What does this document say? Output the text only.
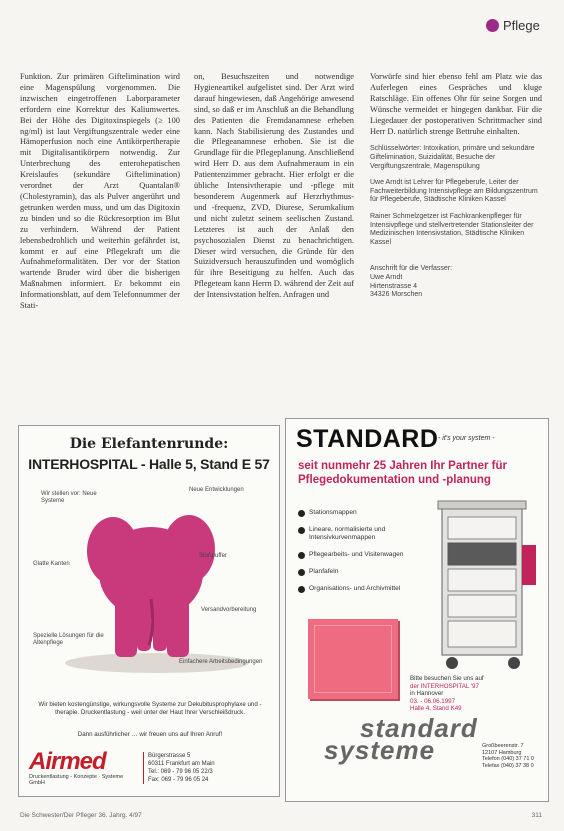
Pflege

Funktion. Zur primären Giftelimination wird eine Magenspülung vorgenommen. Die inzwischen eingetroffenen Laborparameter erfordern eine Korrektur des Kaliumwertes. Bei der Höhe des Digitoxinspiegels (≥ 100 ng/ml) ist laut Vergiftungszentrale weder eine Hämoperfusion noch eine Antikörpertherapie mit Digitalisantikörpern notwendig. Zur Unterbrechung des enterohepatischen Kreislaufes (sekundäre Giftelimination) verordnet der Arzt Quantalan® (Cholestyramin), das als Pulver angerührt und getrunken werden muss, und um das Digitoxin zu binden und so die Rückresorption im Blut zu verhindern. Während der Patient lebensbedrohlich und weiterhin gefährdet ist, kommt er auf eine Pflegekraft um die Aufnahmeformalitäten. Der vor der Station wartende Bruder wird über die bisherigen Maßnahmen informiert. Er bekommt ein Informationsblatt, auf dem Telefonnummer der Stati-

on, Besuchszeiten und notwendige Hygieneartikel aufgelistet sind. Der Arzt wird darauf hingewiesen, daß Angehörige anwesend sind, so daß er im Anschluß an die Behandlung des Patienten die Fremdanamnese erheben kann. Nach Stabilisierung des Zustandes und die Pflegeanamnese erhoben. Sie ist die Grundlage für die Pflegeplanung. Anschließend wird Herr D. aus dem Aufnahmeraum in ein Patientenzimmer gebracht. Hier erfolgt er die übliche Intensivtherapie und -pflege mit besonderem Augenmerk auf Herzrhythmus- und -frequenz, ZVD, Diurese, Serumkalium und nicht zuletzt seinem seelischen Zustand. Letzteres ist auch der Anlaß den psychosozialen Dienst zu benachrichtigen. Dieser wird versuchen, die Gründe für den Suizidversuch herauszufinden und womöglich für ihre Beseitigung zu helfen. Auch das Pflegeteam kann Herrn D. während der Zeit auf der Intensivstation helfen. Anfragen und

Vorwürfe sind hier ebenso fehl am Platz wie das Auferlegen eines Gespräches und kluge Ratschläge. Ein offenes Ohr für seine Sorgen und Wünsche vermeidet er hingegen dankbar. Für die Liegedauer der postoperativen Schrittmacher sind Herr D. natürlich strenge Bettruhe einhalten.

Schlüsselwörter: Intoxikation, primäre und sekundäre Giftelimination, Suizidalität, Besuche der Vergiftungszentrale, Magenspülung

Uwe Arndt ist Lehrer für Pflegeberufe, Leiter der Fachweiterbildung Intensivpflege am Bildungszentrum für Pflegeberufe, Städtische Kliniken Kassel

Rainer Schmelzgetzer ist Fachkrankenpfleger für Intensivpflege und stellvertretender Stationsleiter der Medizinischen Intensivstation, Städtische Kliniken Kassel

Anschrift für die Verfasser:
Uwe Arndt
Hirtenstrasse 4
34326 Morschen
Die Elefantenrunde:
INTERHOSPITAL - Halle 5, Stand E 57
Wir stellen vor: Neue Systeme
Neue Entwicklungen
Stoßpuffer
Glatte Kanten
Versandvorbereitung
Spezielle Lösungen für die Altenpflege
Einfachere Arbeitsbedingungen
Wir bieten kostengünstige, wirkungsvolle Systeme zur Dekubitusprophylaxe und -therapie. Druckentlastung - weil unter der Haut Ihrer Verschleißdruck.
Dann ausführlicher … wir freuen uns auf Ihren Anruf!
Airmed
Druckentlastung - Konzepte · Systeme GmbH
Bürgerstrasse 5
60311 Frankfurt am Main
Tel.: 069 - 79 96 05 22/3
Fax: 069 - 79 96 05 24
STANDARD - it's your system -
seit nunmehr 25 Jahren Ihr Partner für Pflegedokumentation und -planung
Stationsmappen
Lineare, normalisierte und Intensivkurvenmappen
Pflegearbeits- und Visitenwagen
Planfafeln
Organisations- und Archivmittel
Bitte besuchen Sie uns auf
der INTERHOSPITAL '97
in Hannover
03. - 06.06.1997
Halle 4, Stand K49
standard
systeme	Großbeerenstr. 7
12107 Hamburg
Telefon (040) 37 71 0
Telefax (040) 37 38 0
Die Schwester/Der Pfleger 36. Jahrg. 4/97	311
